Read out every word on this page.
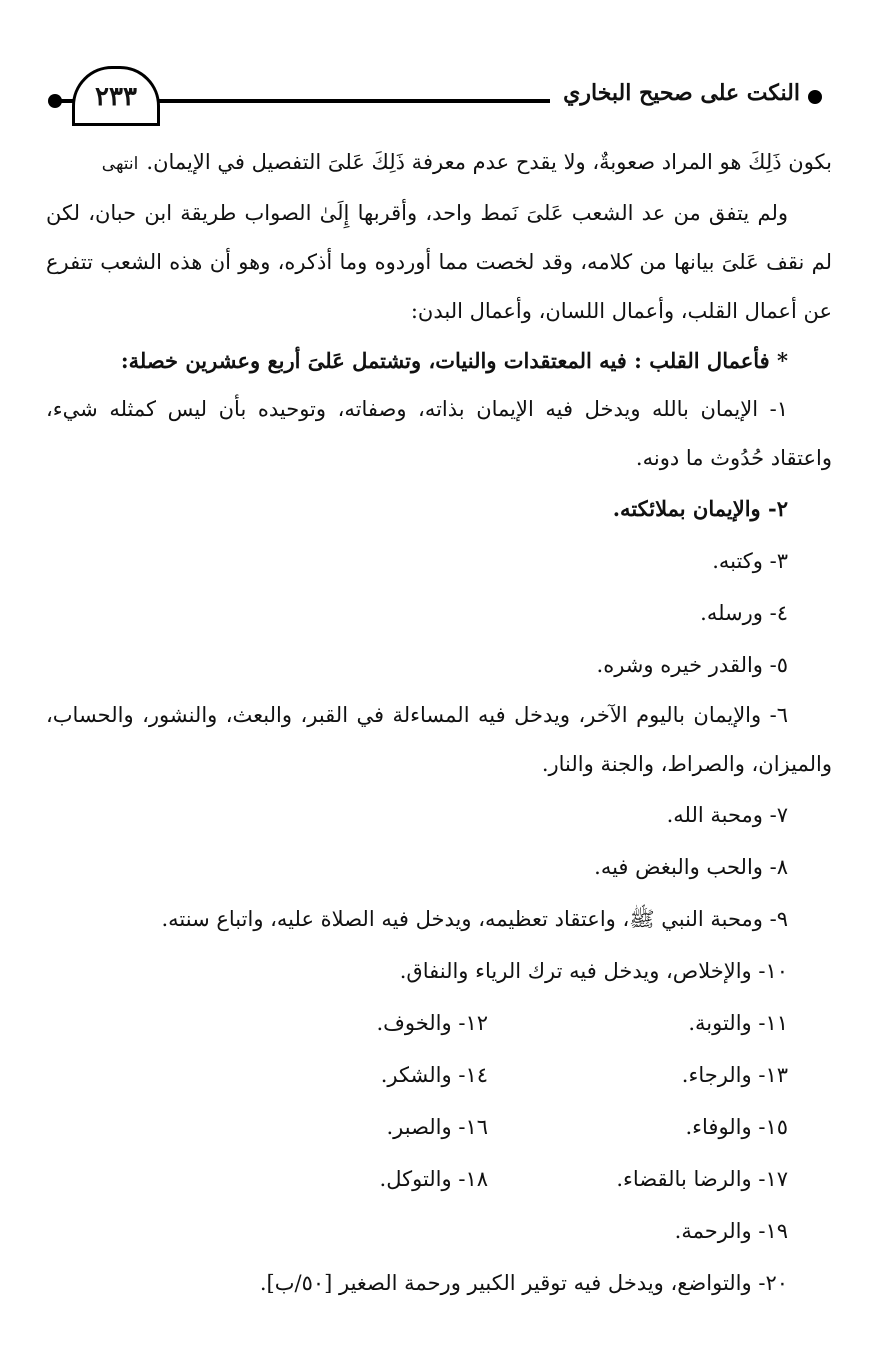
٢٣٣	النكت على صحيح البخاري

بكون ذَلِكَ هو المراد صعوبةٌ، ولا يقدح عدم معرفة ذَلِكَ عَلىَ التفصيل في الإيمان.انتهى

ولم يتفق من عد الشعب عَلىَ نَمط واحد، وأقربها إِلَىٰ الصواب طريقة ابن حبان، لكن لم نقف عَلىَ بيانها من كلامه، وقد لخصت مما أوردوه وما أذكره، وهو أن هذه الشعب تتفرع عن أعمال القلب، وأعمال اللسان، وأعمال البدن:

* فأعمال القلب : فيه المعتقدات والنيات، وتشتمل عَلىَ أربع وعشرين خصلة:

١- الإيمان بالله ويدخل فيه الإيمان بذاته، وصفاته، وتوحيده بأن ليس كمثله شيء، واعتقاد حُدُوث ما دونه.

٢- والإيمان بملائكته.

٣- وكتبه.

٤- ورسله.

٥- والقدر خيره وشره.

٦- والإيمان باليوم الآخر، ويدخل فيه المساءلة في القبر، والبعث، والنشور، والحساب، والميزان، والصراط، والجنة والنار.

٧- ومحبة الله.

٨- والحب والبغض فيه.

٩- ومحبة النبي ﷺ، واعتقاد تعظيمه، ويدخل فيه الصلاة عليه، واتباع سنته.

١٠- والإخلاص، ويدخل فيه ترك الرياء والنفاق.

١١- والتوبة.
١٢- والخوف.
١٣- والرجاء.
١٤- والشكر.
١٥- والوفاء.
١٦- والصبر.
١٧- والرضا بالقضاء.
١٨- والتوكل.

١٩- والرحمة.

٢٠- والتواضع، ويدخل فيه توقير الكبير ورحمة الصغير [٥٠/ب].
